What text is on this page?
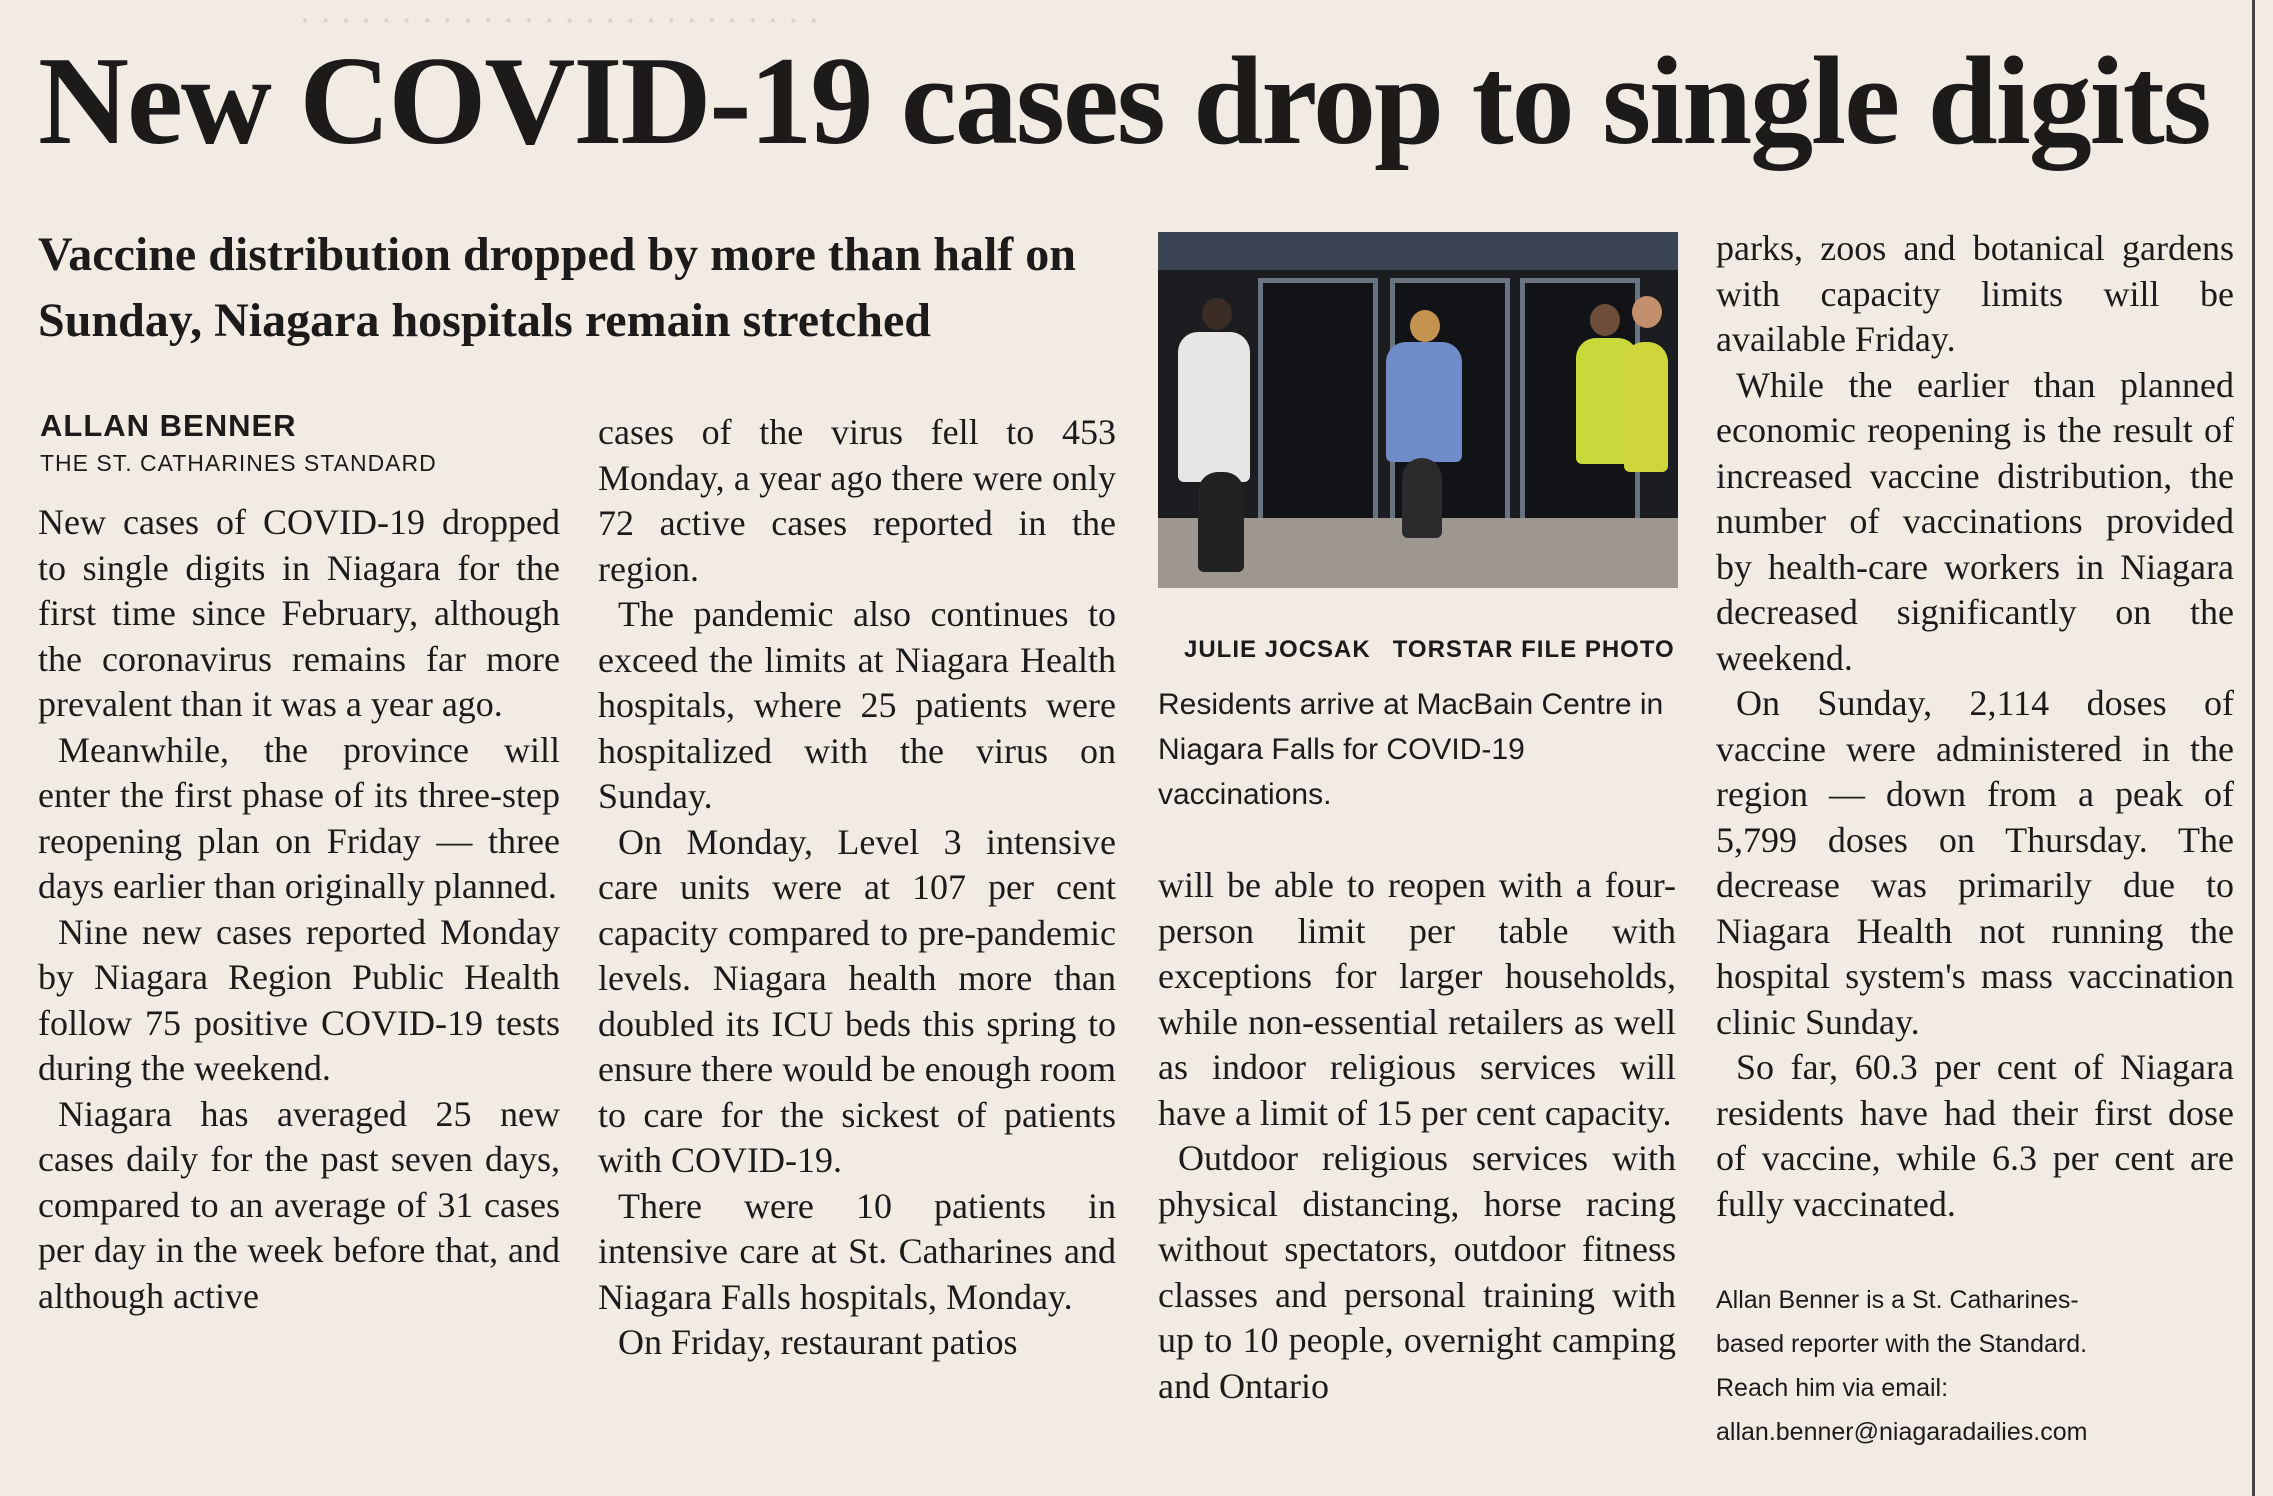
. . . . . . . . . . . . . . . . . . . . . . . . . .

New COVID-19 cases drop to single digits
Vaccine distribution dropped by more than half on Sunday, Niagara hospitals remain stretched
ALLAN BENNER
THE ST. CATHARINES STANDARD

New cases of COVID-19 dropped to single digits in Niagara for the first time since February, although the coronavirus remains far more prevalent than it was a year ago.

Meanwhile, the province will enter the first phase of its three-step reopening plan on Friday — three days earlier than originally planned.

Nine new cases reported Monday by Niagara Region Public Health follow 75 positive COVID-19 tests during the weekend.

Niagara has averaged 25 new cases daily for the past seven days, compared to an average of 31 cases per day in the week before that, and although active

cases of the virus fell to 453 Monday, a year ago there were only 72 active cases reported in the region.

The pandemic also continues to exceed the limits at Niagara Health hospitals, where 25 patients were hospitalized with the virus on Sunday.

On Monday, Level 3 intensive care units were at 107 per cent capacity compared to pre-pandemic levels. Niagara health more than doubled its ICU beds this spring to ensure there would be enough room to care for the sickest of patients with COVID-19.

There were 10 patients in intensive care at St. Catharines and Niagara Falls hospitals, Monday.

On Friday, restaurant patios

JULIE JOCSAK TORSTAR FILE PHOTO

Residents arrive at MacBain Centre in Niagara Falls for COVID-19 vaccinations.

will be able to reopen with a four-person limit per table with exceptions for larger households, while non-essential retailers as well as indoor religious services will have a limit of 15 per cent capacity.

Outdoor religious services with physical distancing, horse racing without spectators, outdoor fitness classes and personal training with up to 10 people, overnight camping and Ontario

parks, zoos and botanical gardens with capacity limits will be available Friday.

While the earlier than planned economic reopening is the result of increased vaccine distribution, the number of vaccinations provided by health-care workers in Niagara decreased significantly on the weekend.

On Sunday, 2,114 doses of vaccine were administered in the region — down from a peak of 5,799 doses on Thursday. The decrease was primarily due to Niagara Health not running the hospital system's mass vaccination clinic Sunday.

So far, 60.3 per cent of Niagara residents have had their first dose of vaccine, while 6.3 per cent are fully vaccinated.

Allan Benner is a St. Catharines-
based reporter with the Standard.
Reach him via email:
allan.benner@niagaradailies.com
